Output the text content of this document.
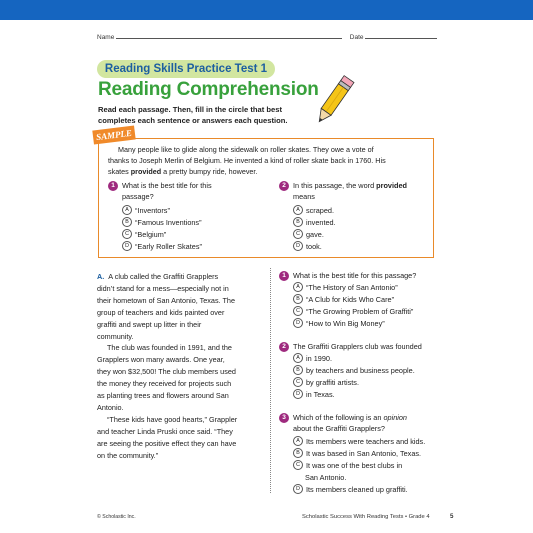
Name	Date
Reading Skills Practice Test 1
Reading Comprehension
Read each passage. Then, fill in the circle that best
completes each sentence or answers each question.
SAMPLE
Many people like to glide along the sidewalk on roller skates. They owe a vote of
thanks to Joseph Merlin of Belgium. He invented a kind of roller skate back in 1760. His
skates provided a pretty bumpy ride, however.
1 What is the best title for this
passage?
A “Inventors”
B “Famous Inventions”
C “Belgium”
D “Early Roller Skates”
2 In this passage, the word provided
means
A scraped.
B invented.
C gave.
D took.
A. A club called the Graffiti Grapplers
didn’t stand for a mess—especially not in
their hometown of San Antonio, Texas. The
group of teachers and kids painted over
graffiti and swept up litter in their
community.
The club was founded in 1991, and the
Grapplers won many awards. One year,
they won $32,500! The club members used
the money they received for projects such
as planting trees and flowers around San
Antonio.
“These kids have good hearts,” Grappler
and teacher Linda Pruski once said. “They
are seeing the positive effect they can have
on the community.”
1 What is the best title for this passage?
A “The History of San Antonio”
B “A Club for Kids Who Care”
C “The Growing Problem of Graffiti”
D “How to Win Big Money”
2 The Graffiti Grapplers club was founded
A in 1990.
B by teachers and business people.
C by graffiti artists.
D in Texas.
3 Which of the following is an opinion
about the Graffiti Grapplers?
A Its members were teachers and kids.
B It was based in San Antonio, Texas.
C It was one of the best clubs in
San Antonio.
D Its members cleaned up graffiti.
© Scholastic Inc.	Scholastic Success With Reading Tests • Grade 4	5
